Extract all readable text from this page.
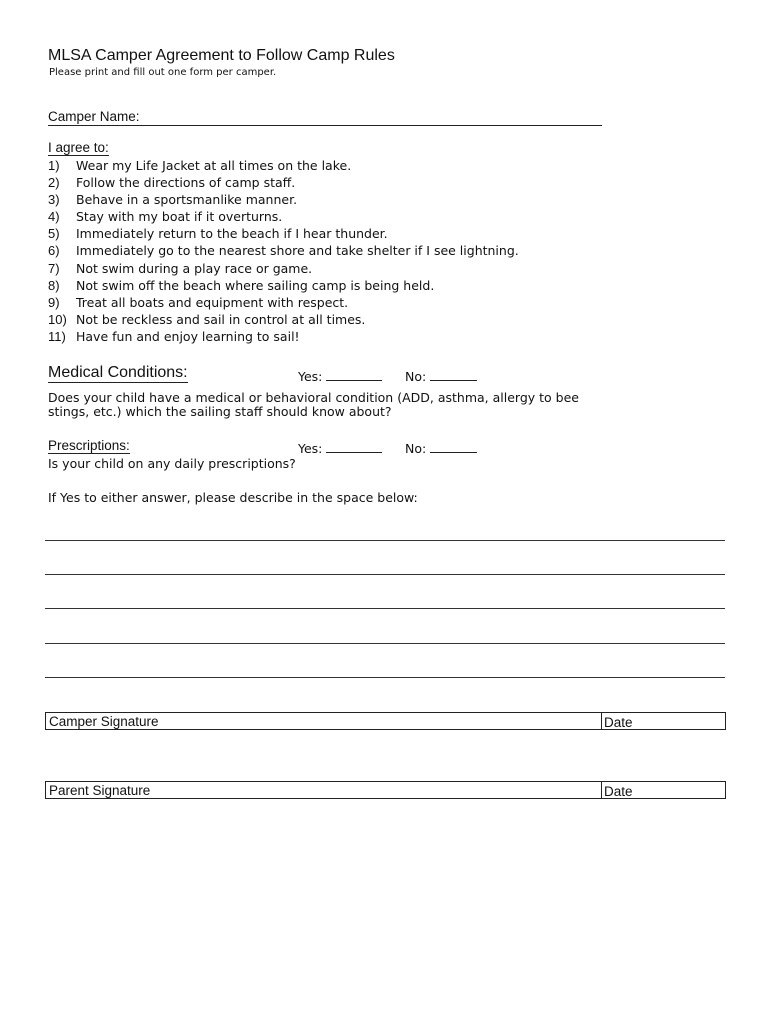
MLSA Camper Agreement to Follow Camp Rules
Please print and fill out one form per camper.
Camper Name:
I agree to:
1) Wear my Life Jacket at all times on the lake.
2) Follow the directions of camp staff.
3) Behave in a sportsmanlike manner.
4) Stay with my boat if it overturns.
5) Immediately return to the beach if I hear thunder.
6) Immediately go to the nearest shore and take shelter if I see lightning.
7) Not swim during a play race or game.
8) Not swim off the beach where sailing camp is being held.
9) Treat all boats and equipment with respect.
10) Not be reckless and sail in control at all times.
11) Have fun and enjoy learning to sail!
Medical Conditions:	Yes:	No:
Does your child have a medical or behavioral condition (ADD, asthma, allergy to bee stings, etc.) which the sailing staff should know about?
Prescriptions:	Yes:	No:
Is your child on any daily prescriptions?
If Yes to either answer, please describe in the space below:
Camper Signature	Date
Parent Signature	Date
